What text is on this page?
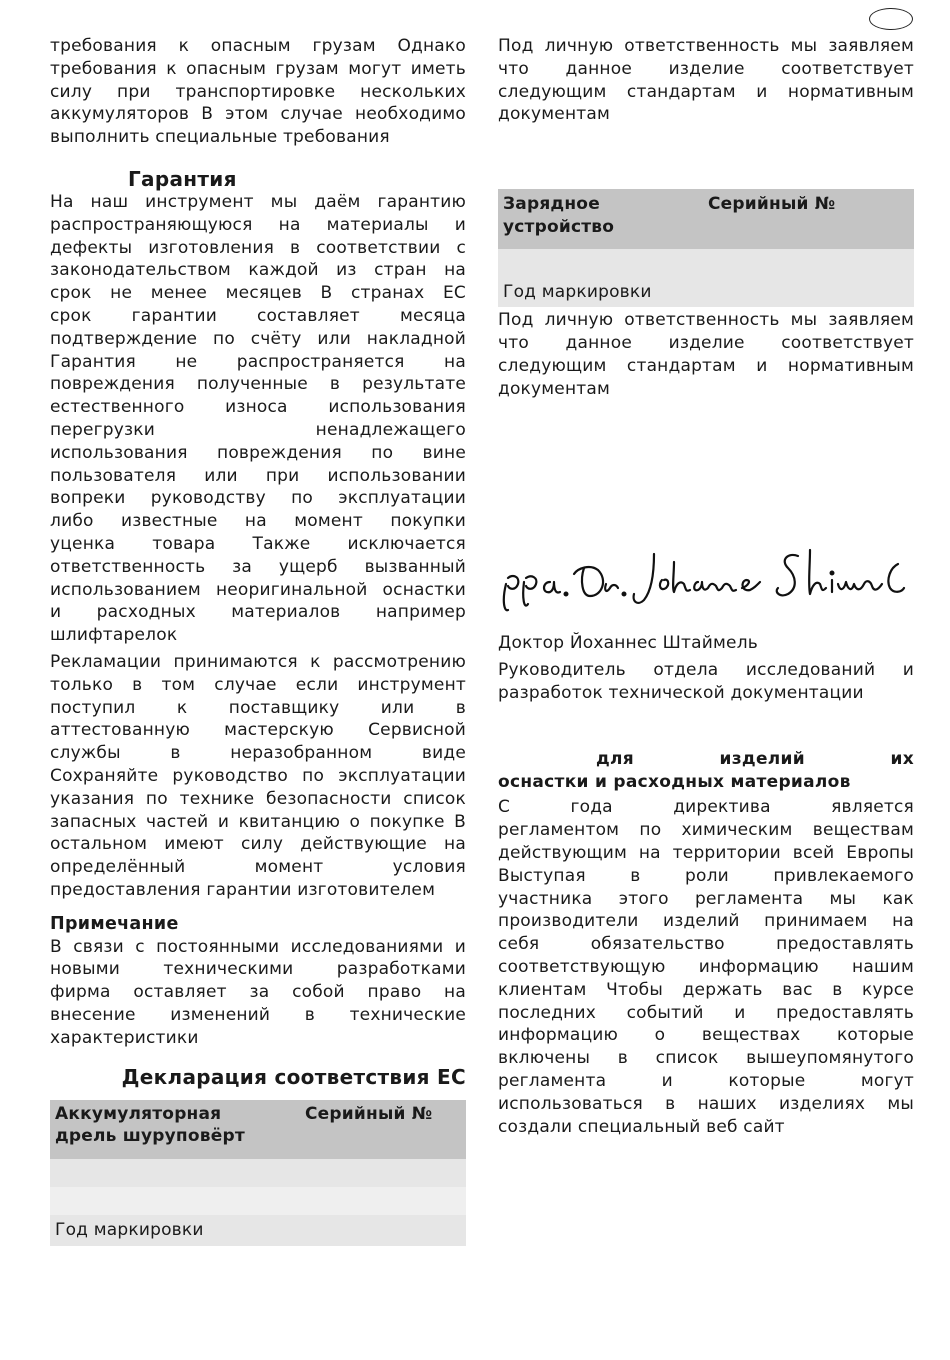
требования к опасным грузам Однако
требования к опасным грузам могут иметь
силу при транспортировке нескольких
аккумуляторов В этом случае необходимо
выполнить специальные требования
Гарантия
На наш инструмент мы даём гарантию
распространяющуюся на материалы и
дефекты изготовления в соответствии с
законодательством каждой из стран на
срок не менее месяцев В странах ЕС
срок гарантии составляет месяца
подтверждение по счёту или накладной
Гарантия не распространяется на
повреждения полученные в результате
естественного износа использования
перегрузки ненадлежащего
использования повреждения по вине
пользователя или при использовании
вопреки руководству по эксплуатации
либо известные на момент покупки
уценка товара Также исключается
ответственность за ущерб вызванный
использованием неоригинальной оснастки
и расходных материалов например
шлифтарелок
Рекламации принимаются к рассмотрению
только в том случае если инструмент
поступил к поставщику или в
аттестованную мастерскую Сервисной
службы в неразобранном виде
Сохраняйте руководство по эксплуатации
указания по технике безопасности список
запасных частей и квитанцию о покупке В
остальном имеют силу действующие на
определённый момент условия
предоставления гарантии изготовителем
Примечание
В связи с постоянными исследованиями и
новыми техническими разработками
фирма оставляет за собой право на
внесение изменений в технические
характеристики
Декларация соответствия ЕС
Аккумуляторная
дрель шуруповёрт	Серийный №

Год маркировки	
Под личную ответственность мы заявляем
что данное изделие соответствует
следующим стандартам и нормативным
документам
Зарядное
устройство	Серийный №

Год маркировки	
Под личную ответственность мы заявляем
что данное изделие соответствует
следующим стандартам и нормативным
документам
Доктор Йоханнес Штаймель
Руководитель отдела исследований и
разработок технической документации
для изделий их
оснастки и расходных материалов
С года директива является
регламентом по химическим веществам
действующим на территории всей Европы
Выступая в роли привлекаемого
участника этого регламента мы как
производители изделий принимаем на
себя обязательство предоставлять
соответствующую информацию нашим
клиентам Чтобы держать вас в курсе
последних событий и предоставлять
информацию о веществах которые
включены в список вышеупомянутого
регламента и которые могут
использоваться в наших изделиях мы
создали специальный веб сайт
